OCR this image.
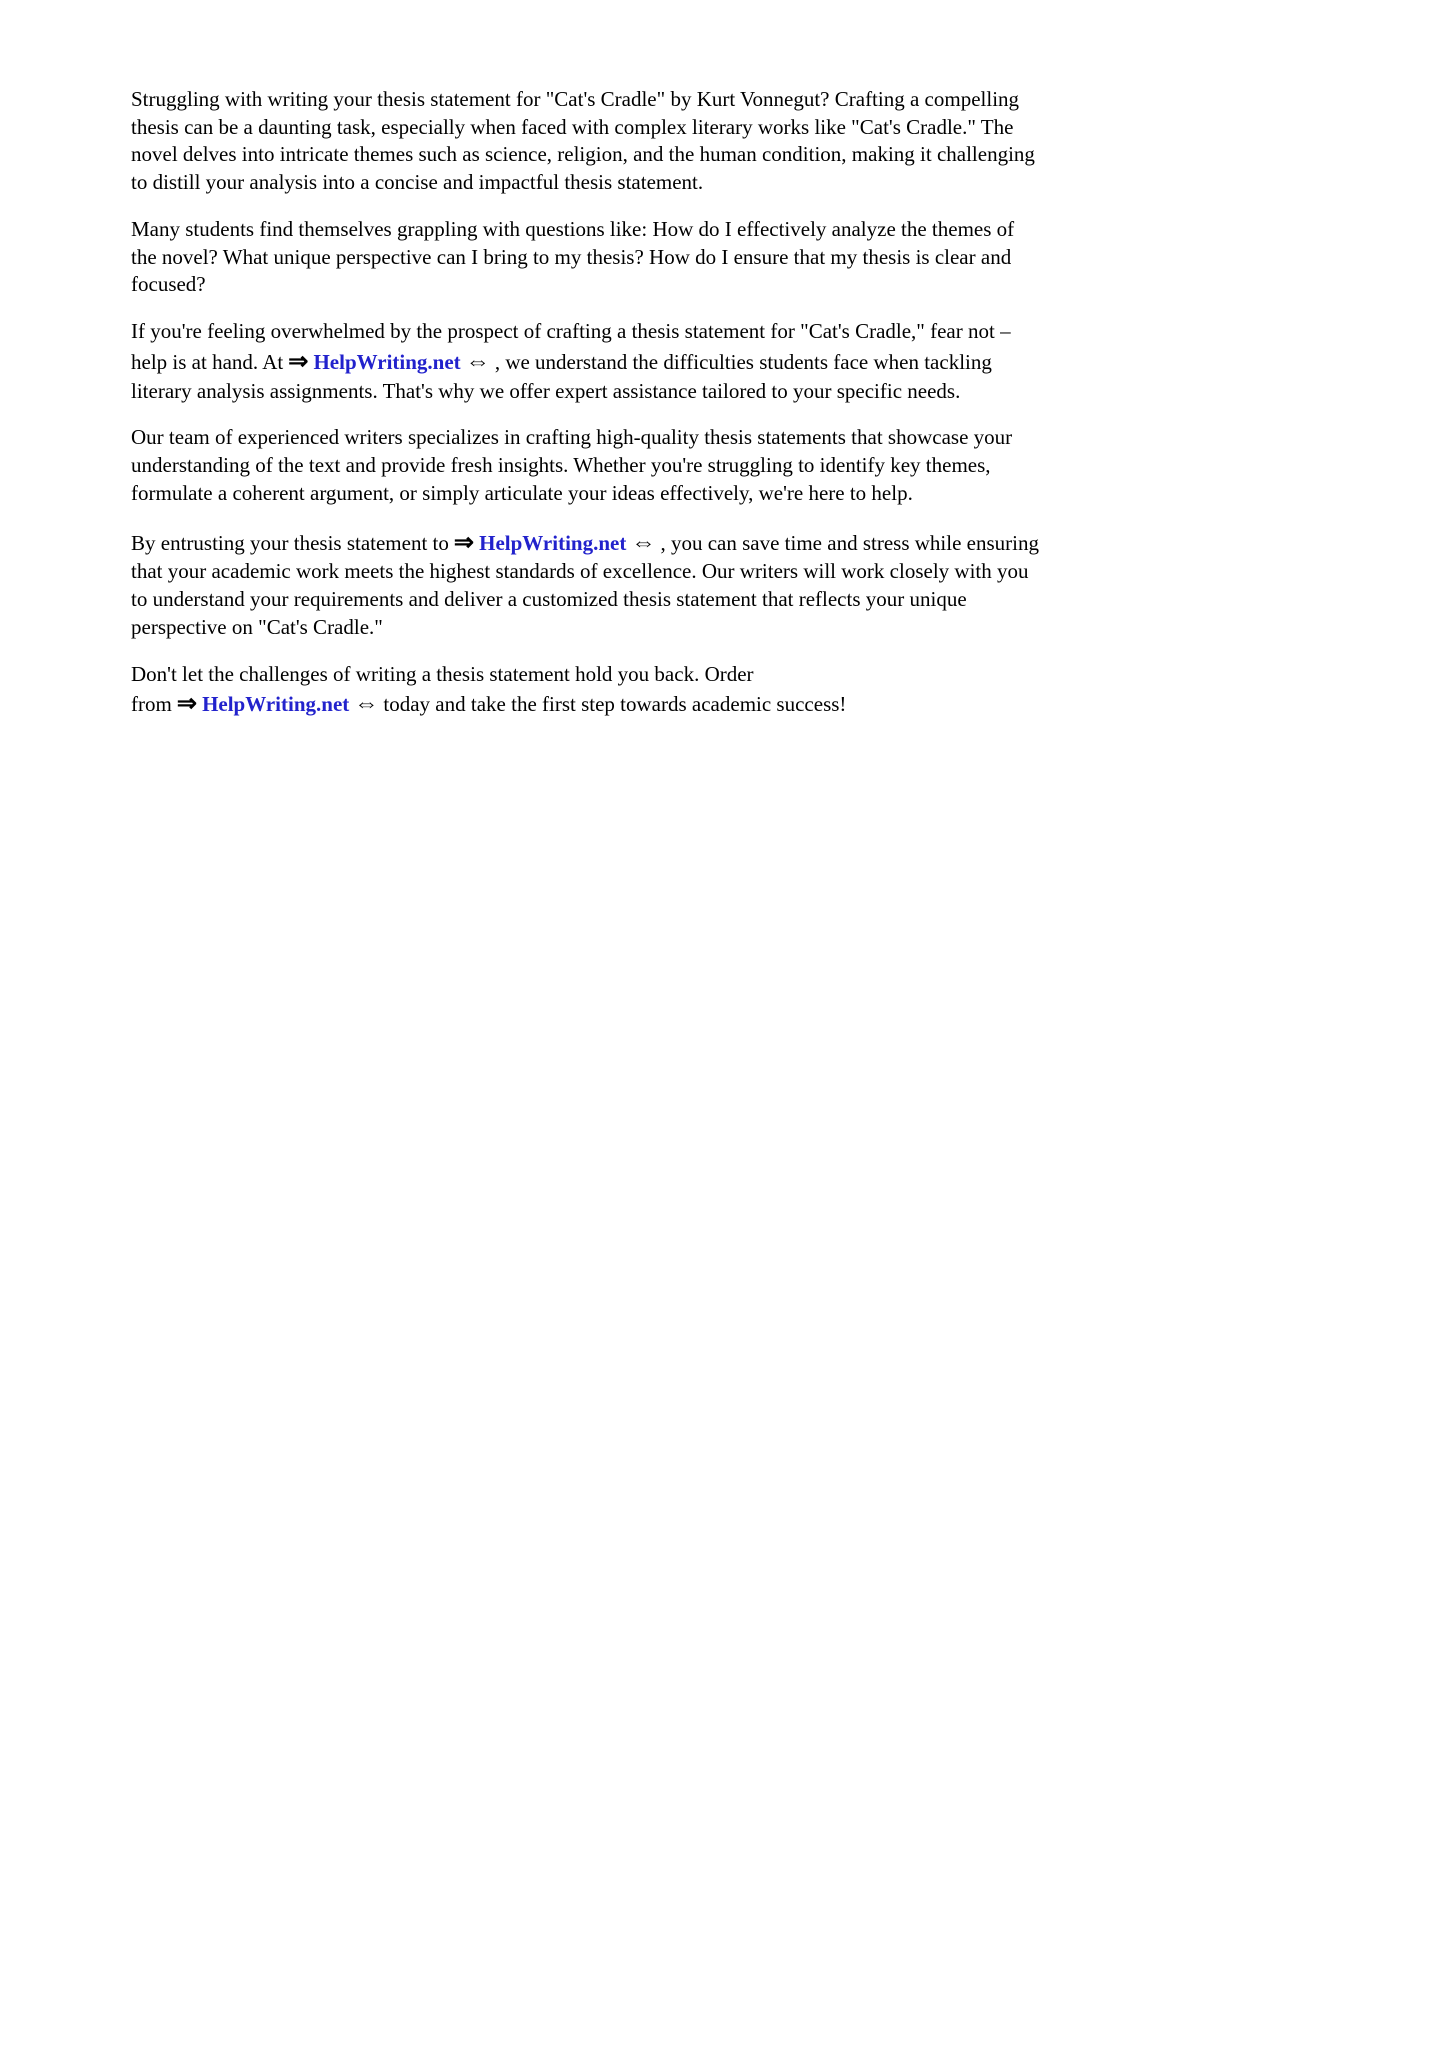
Struggling with writing your thesis statement for "Cat's Cradle" by Kurt Vonnegut? Crafting a compelling thesis can be a daunting task, especially when faced with complex literary works like "Cat's Cradle." The novel delves into intricate themes such as science, religion, and the human condition, making it challenging to distill your analysis into a concise and impactful thesis statement.

Many students find themselves grappling with questions like: How do I effectively analyze the themes of the novel? What unique perspective can I bring to my thesis? How do I ensure that my thesis is clear and focused?

If you're feeling overwhelmed by the prospect of crafting a thesis statement for "Cat's Cradle," fear not – help is at hand. At ⇒ HelpWriting.net ⇔ , we understand the difficulties students face when tackling literary analysis assignments. That's why we offer expert assistance tailored to your specific needs.

Our team of experienced writers specializes in crafting high-quality thesis statements that showcase your understanding of the text and provide fresh insights. Whether you're struggling to identify key themes, formulate a coherent argument, or simply articulate your ideas effectively, we're here to help.

By entrusting your thesis statement to ⇒ HelpWriting.net ⇔ , you can save time and stress while ensuring that your academic work meets the highest standards of excellence. Our writers will work closely with you to understand your requirements and deliver a customized thesis statement that reflects your unique perspective on "Cat's Cradle."

Don't let the challenges of writing a thesis statement hold you back. Order from ⇒ HelpWriting.net ⇔ today and take the first step towards academic success!
